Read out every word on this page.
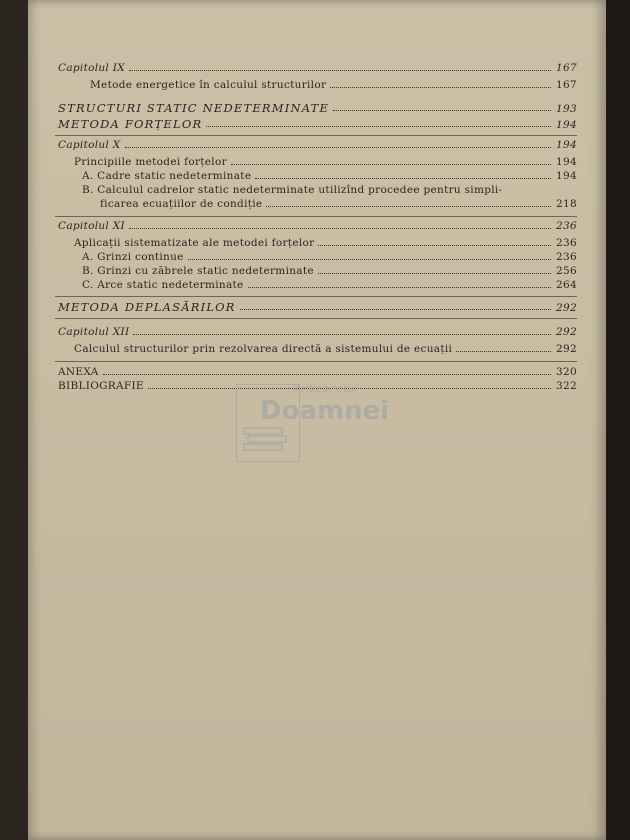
Capitolul IX	167
Metode energetice în calculul structurilor	167
STRUCTURI STATIC NEDETERMINATE	193
METODA FORȚELOR	194
Capitolul X	194
Principiile metodei forțelor	194
A. Cadre static nedeterminate	194
B. Calculul cadrelor static nedeterminate utilizînd procedee pentru simpli-
ficarea ecuațiilor de condiție	218
Capitolul XI	236
Aplicații sistematizate ale metodei forțelor	236
A. Grinzi continue	236
B. Grinzi cu zăbrele static nedeterminate	256
C. Arce static nedeterminate	264
METODA DEPLASĂRILOR	292
Capitolul XII	292
Calculul structurilor prin rezolvarea directă a sistemului de ecuații	292
ANEXA	320
BIBLIOGRAFIE	322
Anticariatul
Doamnei
